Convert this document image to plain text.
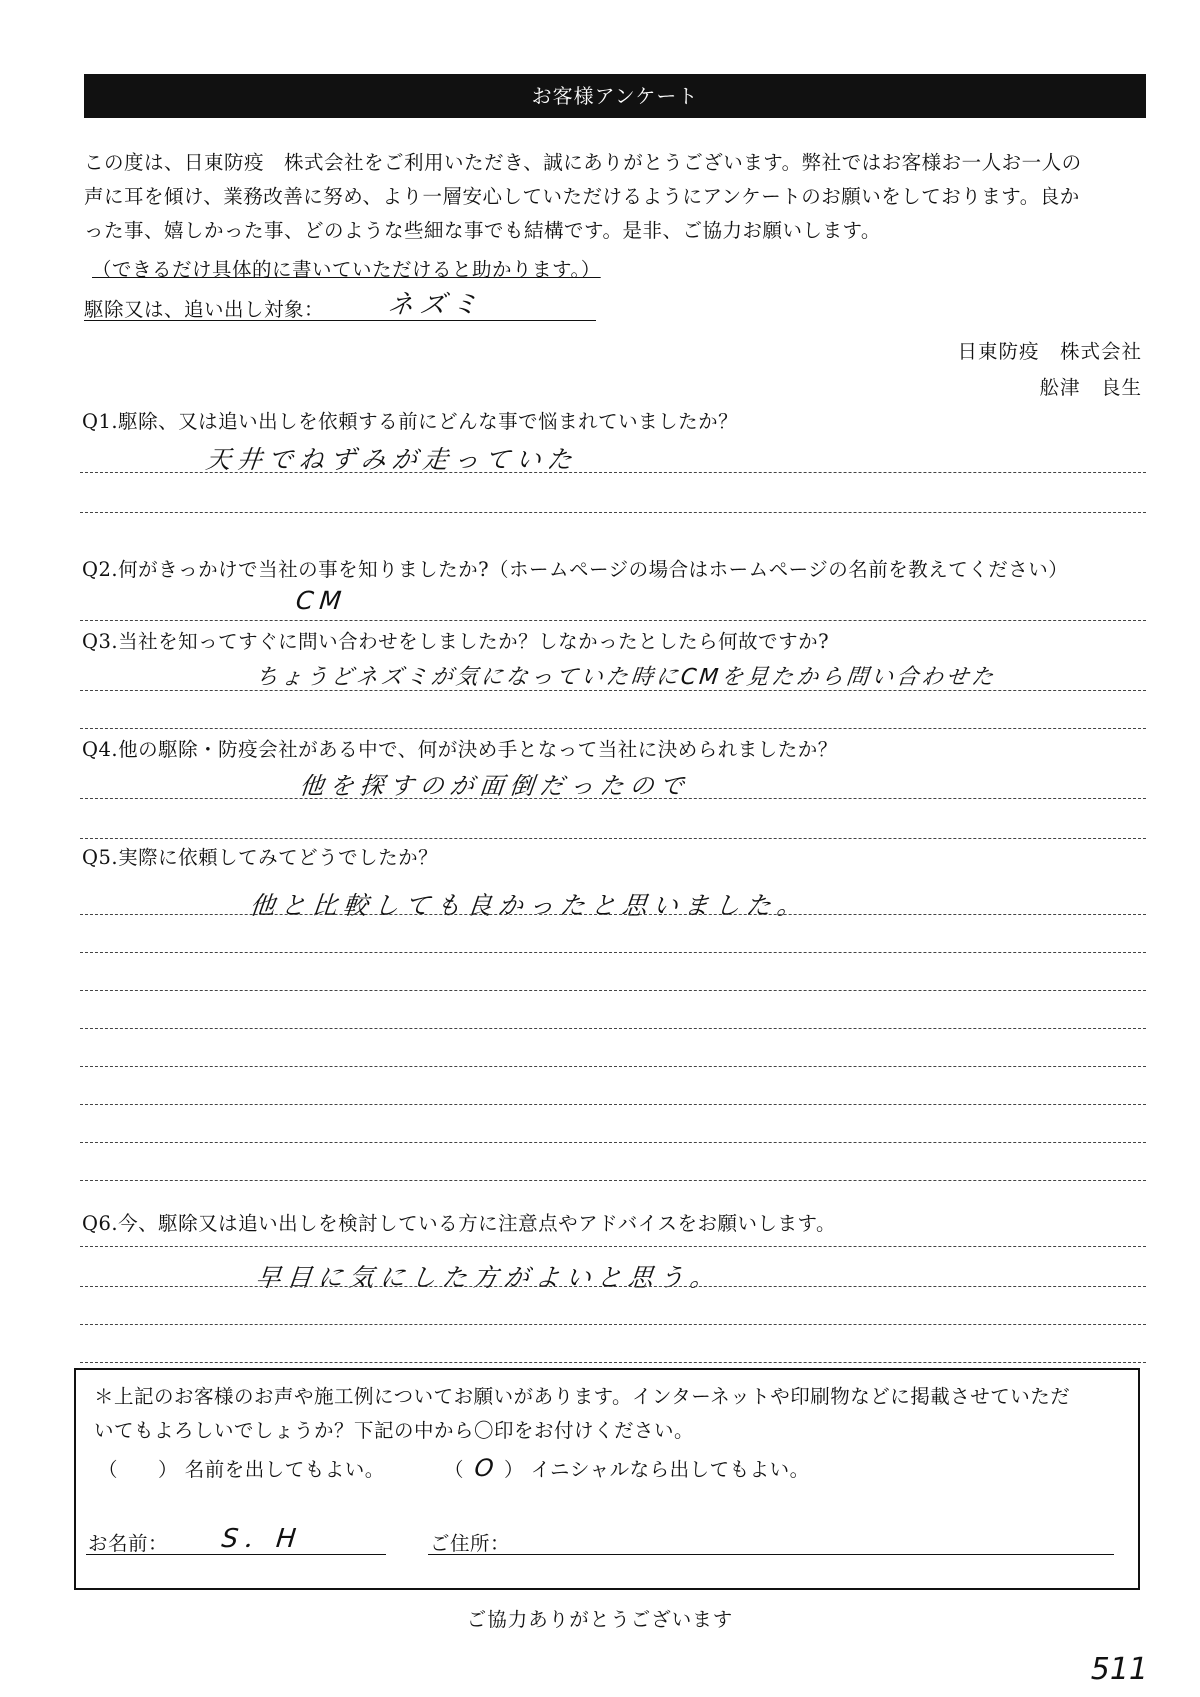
お客様アンケート

この度は、日東防疫　株式会社をご利用いただき、誠にありがとうございます。弊社ではお客様お一人お一人の

声に耳を傾け、業務改善に努め、より一層安心していただけるようにアンケートのお願いをしております。良か

った事、嬉しかった事、どのような些細な事でも結構です。是非、ご協力お願いします。

（できるだけ具体的に書いていただけると助かります。）
駆除又は、追い出し対象： ネズミ
日東防疫　株式会社
舩津　良生
Q1.駆除、又は追い出しを依頼する前にどんな事で悩まれていましたか？
天井でねずみが走っていた
Q2.何がきっかけで当社の事を知りましたか?（ホームページの場合はホームページの名前を教えてください）
CM
Q3.当社を知ってすぐに問い合わせをしましたか？しなかったとしたら何故ですか?
ちょうどネズミが気になっていた時にCMを見たから問い合わせた
Q4.他の駆除・防疫会社がある中で、何が決め手となって当社に決められましたか？
他を探すのが面倒だったので
Q5.実際に依頼してみてどうでしたか？
他と比較しても良かったと思いました。
Q6.今、駆除又は追い出しを検討している方に注意点やアドバイスをお願いします。
早目に気にした方がよいと思う。
＊上記のお客様のお声や施工例についてお願いがあります。インターネットや印刷物などに掲載させていただ
いてもよろしいでしょうか？下記の中から〇印をお付けください。
（ ） 名前を出してもよい。	（ O ） イニシャルなら出してもよい。
お名前： S．H	ご住所：
ご協力ありがとうございます
511
